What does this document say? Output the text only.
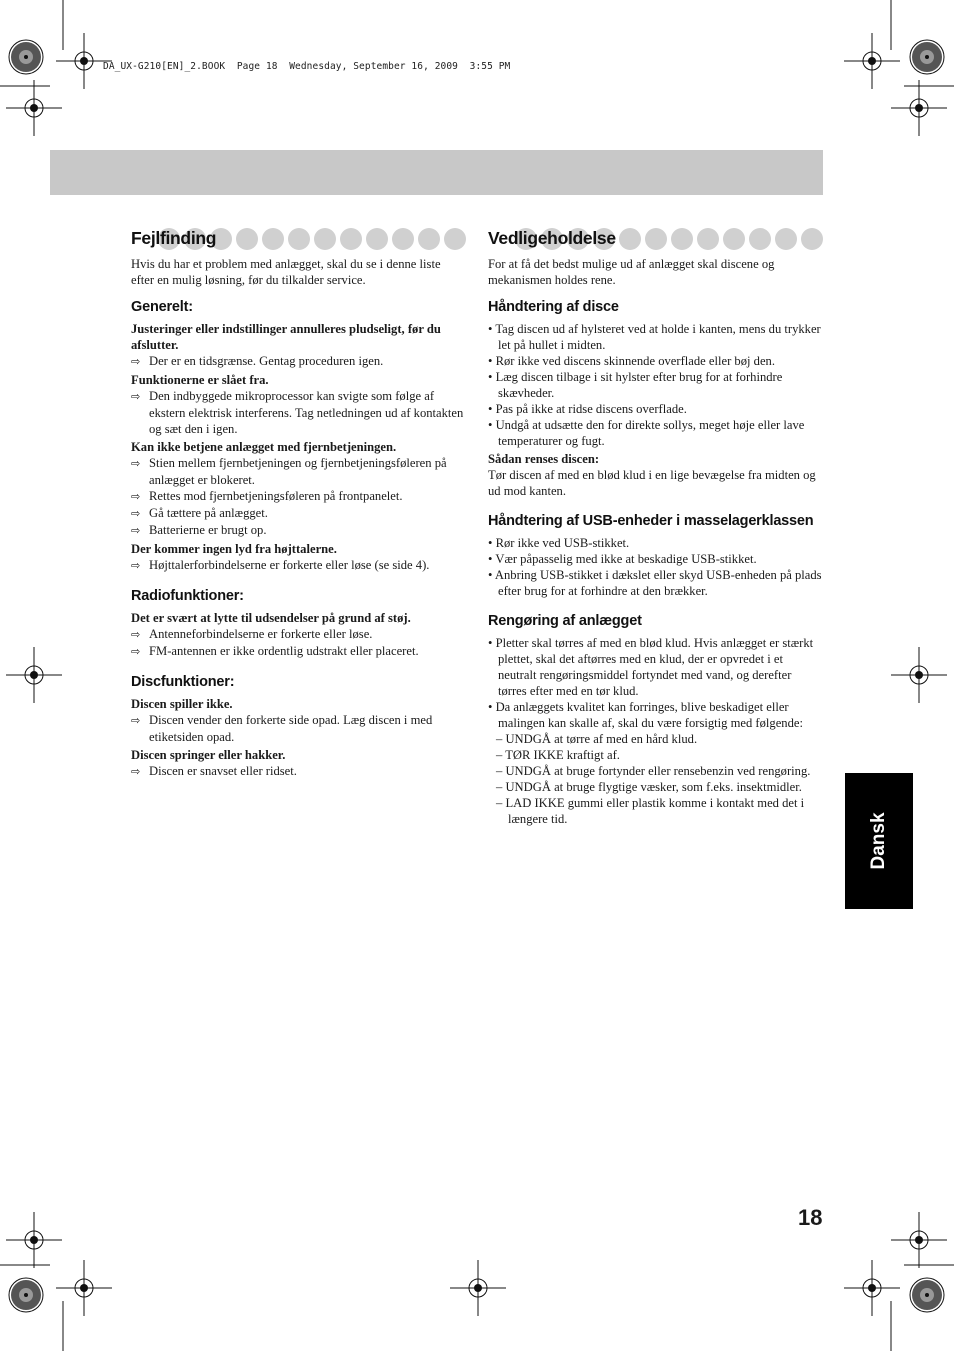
DA_UX-G210[EN]_2.BOOK  Page 18  Wednesday, September 16, 2009  3:55 PM
Fejlfinding

Hvis du har et problem med anlægget, skal du se i denne liste efter en mulig løsning, før du tilkalder service.

Generelt:

Justeringer eller indstillinger annulleres pludseligt, før du afslutter.

⇨ Der er en tidsgrænse. Gentag proceduren igen.

Funktionerne er slået fra.

⇨ Den indbyggede mikroprocessor kan svigte som følge af ekstern elektrisk interferens. Tag netledningen ud af kontakten og sæt den i igen.

Kan ikke betjene anlægget med fjernbetjeningen.

⇨ Stien mellem fjernbetjeningen og fjernbetjeningsføleren på anlægget er blokeret.

⇨ Rettes mod fjernbetjeningsføleren på frontpanelet.

⇨ Gå tættere på anlægget.

⇨ Batterierne er brugt op.

Der kommer ingen lyd fra højttalerne.

⇨ Højttalerforbindelserne er forkerte eller løse (se side 4).

Radiofunktioner:

Det er svært at lytte til udsendelser på grund af støj.

⇨ Antenneforbindelserne er forkerte eller løse.

⇨ FM-antennen er ikke ordentlig udstrakt eller placeret.

Discfunktioner:

Discen spiller ikke.

⇨ Discen vender den forkerte side opad. Læg discen i med etiketsiden opad.

Discen springer eller hakker.

⇨ Discen er snavset eller ridset.

Vedligeholdelse

For at få det bedst mulige ud af anlægget skal discene og mekanismen holdes rene.

Håndtering af disce
• Tag discen ud af hylsteret ved at holde i kanten, mens du trykker let på hullet i midten.
• Rør ikke ved discens skinnende overflade eller bøj den.
• Læg discen tilbage i sit hylster efter brug for at forhindre skævheder.
• Pas på ikke at ridse discens overflade.
• Undgå at udsætte den for direkte sollys, meget høje eller lave temperaturer og fugt.

Sådan renses discen:

Tør discen af med en blød klud i en lige bevægelse fra midten og ud mod kanten.

Håndtering af USB-enheder i masselagerklassen
• Rør ikke ved USB-stikket.
• Vær påpasselig med ikke at beskadige USB-stikket.
• Anbring USB-stikket i dækslet eller skyd USB-enheden på plads efter brug for at forhindre at den brækker.
Rengøring af anlægget
• Pletter skal tørres af med en blød klud. Hvis anlægget er stærkt plettet, skal det aftørres med en klud, der er opvredet i et neutralt rengøringsmiddel fortyndet med vand, og derefter tørres efter med en tør klud.
• Da anlæggets kvalitet kan forringes, blive beskadiget eller malingen kan skalle af, skal du være forsigtig med følgende:
– UNDGÅ at tørre af med en hård klud.
– TØR IKKE kraftigt af.
– UNDGÅ at bruge fortynder eller rensebenzin ved rengøring.
– UNDGÅ at bruge flygtige væsker, som f.eks. insektmidler.
– LAD IKKE gummi eller plastik komme i kontakt med det i længere tid.	Dansk
18
